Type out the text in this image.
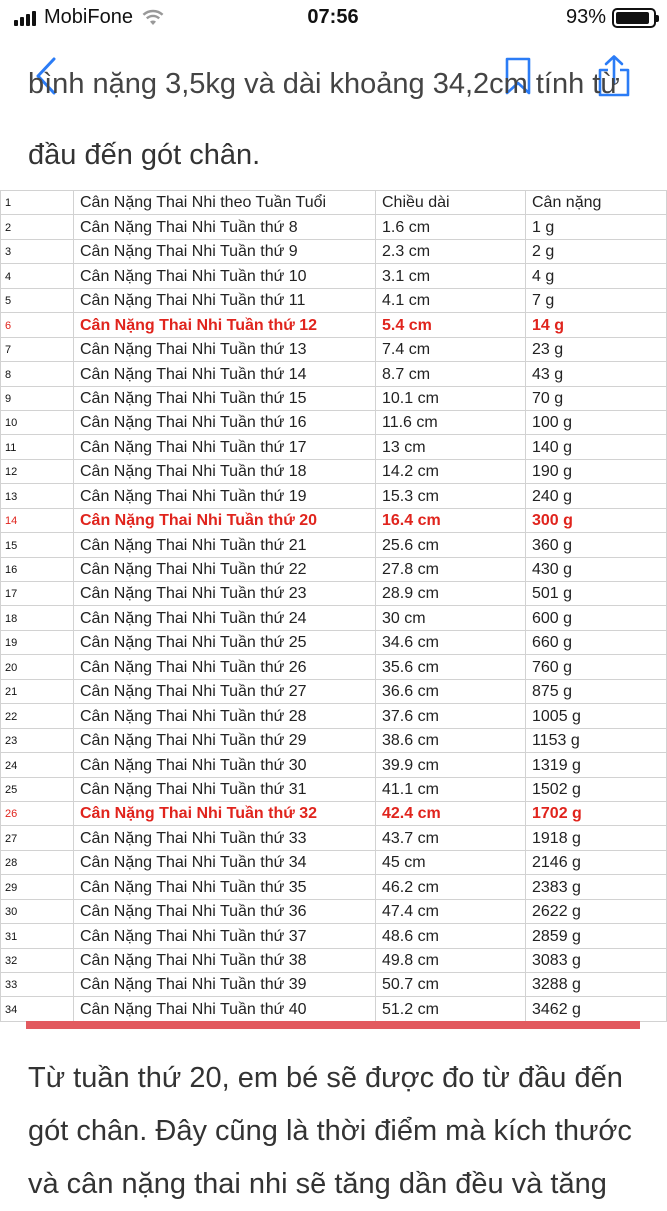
MobiFone	07:56	93%
bình nặng 3,5kg và dài khoảng 34,2cm tính từ
đầu đến gót chân.
1	Cân Nặng Thai Nhi theo Tuần Tuổi	Chiều dài	Cân nặng
2	Cân Nặng Thai Nhi Tuần thứ 8	1.6 cm	1 g
3	Cân Nặng Thai Nhi Tuần thứ 9	2.3 cm	2 g
4	Cân Nặng Thai Nhi Tuần thứ 10	3.1 cm	4 g
5	Cân Nặng Thai Nhi Tuần thứ 11	4.1 cm	7 g
6	Cân Nặng Thai Nhi Tuần thứ 12	5.4 cm	14 g
7	Cân Nặng Thai Nhi Tuần thứ 13	7.4 cm	23 g
8	Cân Nặng Thai Nhi Tuần thứ 14	8.7 cm	43 g
9	Cân Nặng Thai Nhi Tuần thứ 15	10.1 cm	70 g
10	Cân Nặng Thai Nhi Tuần thứ 16	11.6 cm	100 g
11	Cân Nặng Thai Nhi Tuần thứ 17	13 cm	140 g
12	Cân Nặng Thai Nhi Tuần thứ 18	14.2 cm	190 g
13	Cân Nặng Thai Nhi Tuần thứ 19	15.3 cm	240 g
14	Cân Nặng Thai Nhi Tuần thứ 20	16.4 cm	300 g
15	Cân Nặng Thai Nhi Tuần thứ 21	25.6 cm	360 g
16	Cân Nặng Thai Nhi Tuần thứ 22	27.8 cm	430 g
17	Cân Nặng Thai Nhi Tuần thứ 23	28.9 cm	501 g
18	Cân Nặng Thai Nhi Tuần thứ 24	30 cm	600 g
19	Cân Nặng Thai Nhi Tuần thứ 25	34.6 cm	660 g
20	Cân Nặng Thai Nhi Tuần thứ 26	35.6 cm	760 g
21	Cân Nặng Thai Nhi Tuần thứ 27	36.6 cm	875 g
22	Cân Nặng Thai Nhi Tuần thứ 28	37.6 cm	1005 g
23	Cân Nặng Thai Nhi Tuần thứ 29	38.6 cm	1153 g
24	Cân Nặng Thai Nhi Tuần thứ 30	39.9 cm	1319 g
25	Cân Nặng Thai Nhi Tuần thứ 31	41.1 cm	1502 g
26	Cân Nặng Thai Nhi Tuần thứ 32	42.4 cm	1702 g
27	Cân Nặng Thai Nhi Tuần thứ 33	43.7 cm	1918 g
28	Cân Nặng Thai Nhi Tuần thứ 34	45 cm	2146 g
29	Cân Nặng Thai Nhi Tuần thứ 35	46.2 cm	2383 g
30	Cân Nặng Thai Nhi Tuần thứ 36	47.4 cm	2622 g
31	Cân Nặng Thai Nhi Tuần thứ 37	48.6 cm	2859 g
32	Cân Nặng Thai Nhi Tuần thứ 38	49.8 cm	3083 g
33	Cân Nặng Thai Nhi Tuần thứ 39	50.7 cm	3288 g
34	Cân Nặng Thai Nhi Tuần thứ 40	51.2 cm	3462 g
Từ tuần thứ 20, em bé sẽ được đo từ đầu đến
gót chân. Đây cũng là thời điểm mà kích thước
và cân nặng thai nhi sẽ tăng dần đều và tăng
